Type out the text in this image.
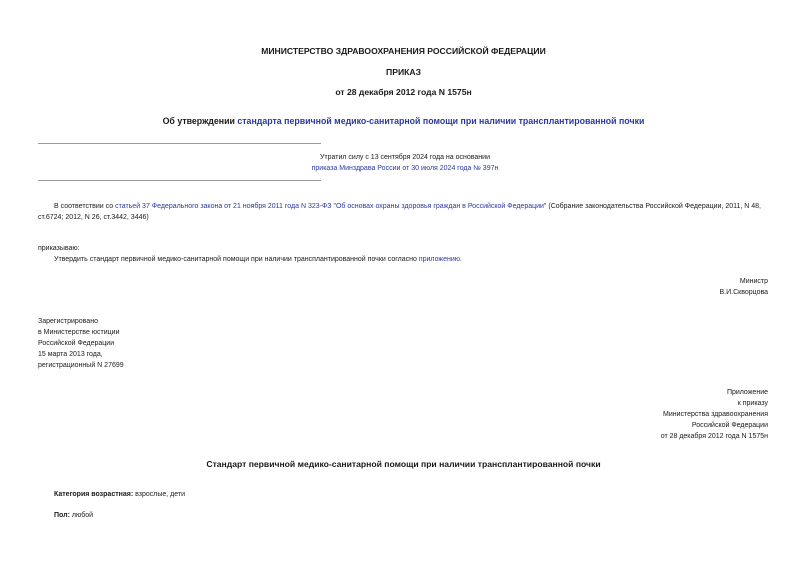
МИНИСТЕРСТВО ЗДРАВООХРАНЕНИЯ РОССИЙСКОЙ ФЕДЕРАЦИИ
ПРИКАЗ
от 28 декабря 2012 года N 1575н
Об утверждении стандарта первичной медико-санитарной помощи при наличии трансплантированной почки
Утратил силу с 13 сентября 2024 года на основании
приказа Минздрава России от 30 июля 2024 года № 397н
В соответствии со статьей 37 Федерального закона от 21 ноября 2011 года N 323-ФЗ "Об основах охраны здоровья граждан в Российской Федерации" (Собрание законодательства Российской Федерации, 2011, N 48, ст.6724; 2012, N 26, ст.3442, 3446)
приказываю:
Утвердить стандарт первичной медико-санитарной помощи при наличии трансплантированной почки согласно приложению.
Министр
В.И.Скворцова
Зарегистрировано
в Министерстве юстиции
Российской Федерации
15 марта 2013 года,
регистрационный N 27699
Приложение
к приказу
Министерства здравоохранения
Российской Федерации
от 28 декабря 2012 года N 1575н
Стандарт первичной медико-санитарной помощи при наличии трансплантированной почки
Категория возрастная: взрослые, дети
Пол: любой
